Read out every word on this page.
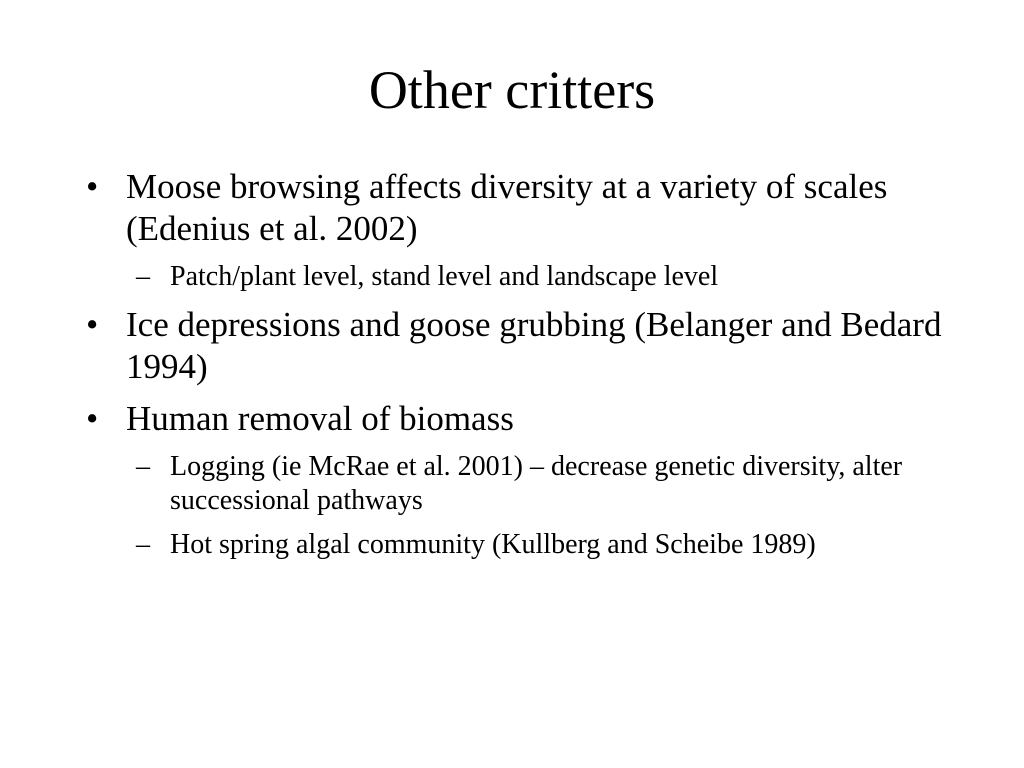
Other critters
• Moose browsing affects diversity at a variety of scales (Edenius et al. 2002)
– Patch/plant level, stand level and landscape level
• Ice depressions and goose grubbing (Belanger and Bedard 1994)
• Human removal of biomass
– Logging (ie McRae et al. 2001) – decrease genetic diversity, alter successional pathways
– Hot spring algal community (Kullberg and Scheibe 1989)
